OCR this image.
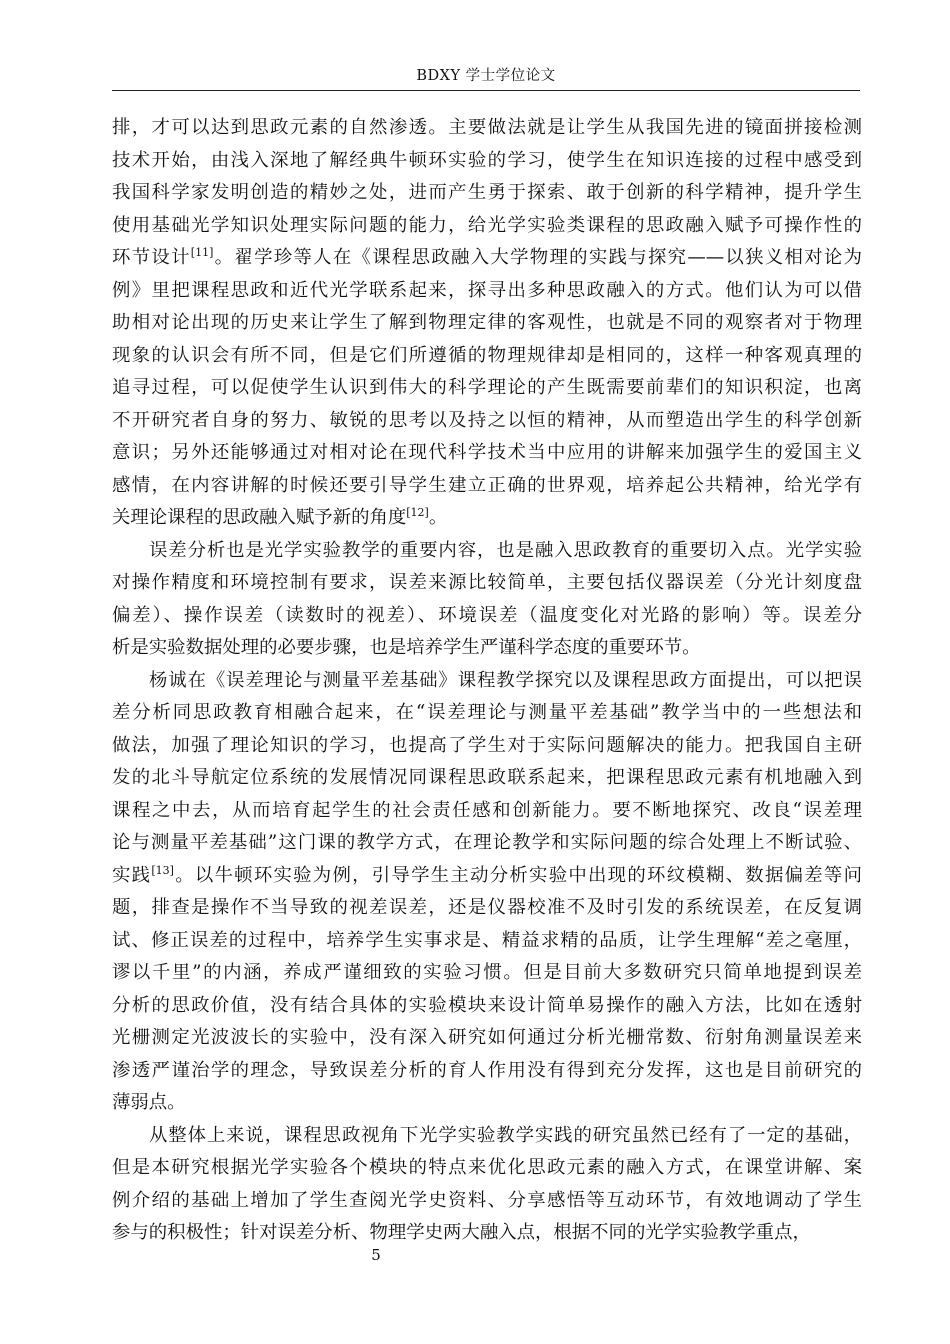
BDXY 学士学位论文
排，才可以达到思政元素的自然渗透。主要做法就是让学生从我国先进的镜面拼接检测
技术开始，由浅入深地了解经典牛顿环实验的学习，使学生在知识连接的过程中感受到
我国科学家发明创造的精妙之处，进而产生勇于探索、敢于创新的科学精神，提升学生
使用基础光学知识处理实际问题的能力，给光学实验类课程的思政融入赋予可操作性的
环节设计[11]。翟学珍等人在《课程思政融入大学物理的实践与探究——以狭义相对论为
例》里把课程思政和近代光学联系起来，探寻出多种思政融入的方式。他们认为可以借
助相对论出现的历史来让学生了解到物理定律的客观性，也就是不同的观察者对于物理
现象的认识会有所不同，但是它们所遵循的物理规律却是相同的，这样一种客观真理的
追寻过程，可以促使学生认识到伟大的科学理论的产生既需要前辈们的知识积淀，也离
不开研究者自身的努力、敏锐的思考以及持之以恒的精神，从而塑造出学生的科学创新
意识；另外还能够通过对相对论在现代科学技术当中应用的讲解来加强学生的爱国主义
感情，在内容讲解的时候还要引导学生建立正确的世界观，培养起公共精神，给光学有
关理论课程的思政融入赋予新的角度[12]。
误差分析也是光学实验教学的重要内容，也是融入思政教育的重要切入点。光学实验
对操作精度和环境控制有要求，误差来源比较简单，主要包括仪器误差（分光计刻度盘
偏差）、操作误差（读数时的视差）、环境误差（温度变化对光路的影响）等。误差分
析是实验数据处理的必要步骤，也是培养学生严谨科学态度的重要环节。
杨诚在《误差理论与测量平差基础》课程教学探究以及课程思政方面提出，可以把误
差分析同思政教育相融合起来，在“误差理论与测量平差基础”教学当中的一些想法和
做法，加强了理论知识的学习，也提高了学生对于实际问题解决的能力。把我国自主研
发的北斗导航定位系统的发展情况同课程思政联系起来，把课程思政元素有机地融入到
课程之中去，从而培育起学生的社会责任感和创新能力。要不断地探究、改良“误差理
论与测量平差基础”这门课的教学方式，在理论教学和实际问题的综合处理上不断试验、
实践[13]。以牛顿环实验为例，引导学生主动分析实验中出现的环纹模糊、数据偏差等问
题，排查是操作不当导致的视差误差，还是仪器校准不及时引发的系统误差，在反复调
试、修正误差的过程中，培养学生实事求是、精益求精的品质，让学生理解“差之毫厘，
谬以千里”的内涵，养成严谨细致的实验习惯。但是目前大多数研究只简单地提到误差
分析的思政价值，没有结合具体的实验模块来设计简单易操作的融入方法，比如在透射
光栅测定光波波长的实验中，没有深入研究如何通过分析光栅常数、衍射角测量误差来
渗透严谨治学的理念，导致误差分析的育人作用没有得到充分发挥，这也是目前研究的
薄弱点。
从整体上来说，课程思政视角下光学实验教学实践的研究虽然已经有了一定的基础，
但是本研究根据光学实验各个模块的特点来优化思政元素的融入方式，在课堂讲解、案
例介绍的基础上增加了学生查阅光学史资料、分享感悟等互动环节，有效地调动了学生
参与的积极性；针对误差分析、物理学史两大融入点，根据不同的光学实验教学重点，
5
